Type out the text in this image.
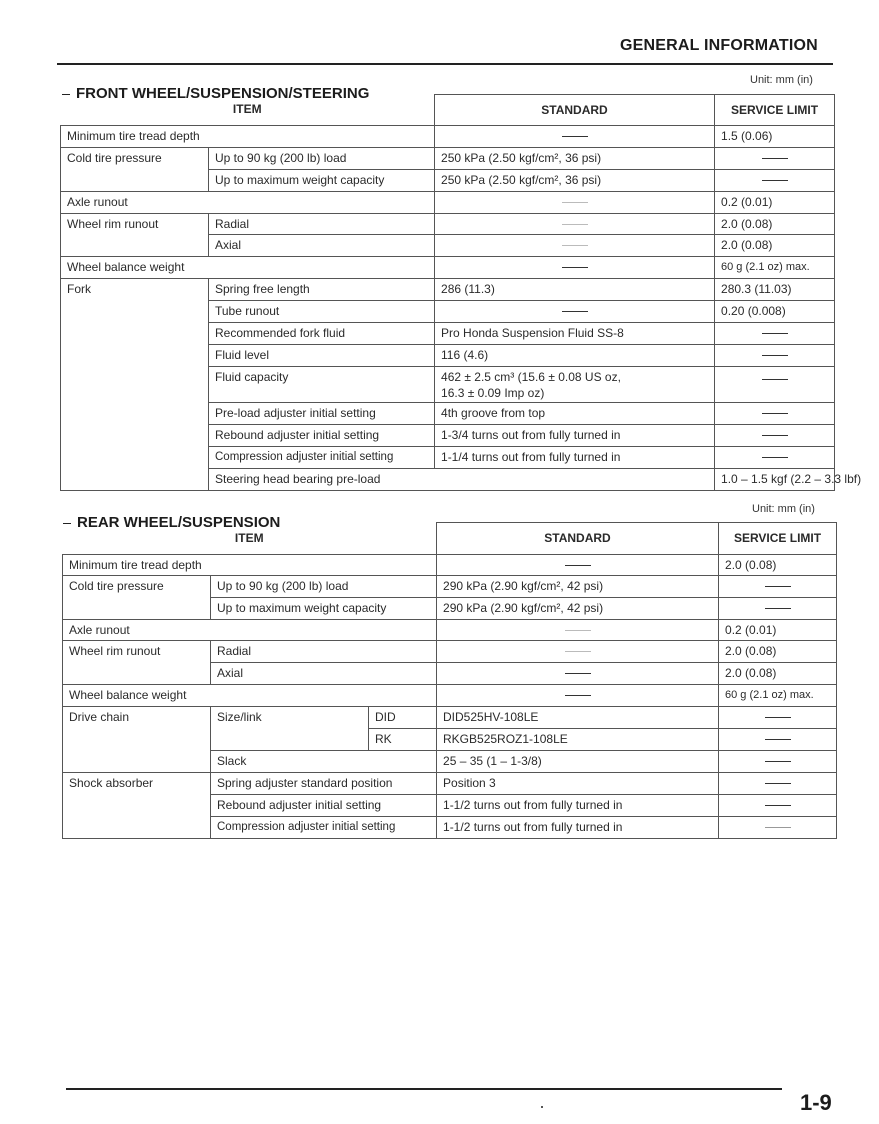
GENERAL INFORMATION
Unit: mm (in)
ITEM		STANDARD	SERVICE LIMIT	
Minimum tire tread depth			1.5 (0.06)	
Cold tire pressure	Up to 90 kg (200 lb) load	250 kPa (2.50 kgf/cm², 36 psi)		
	Up to maximum weight capacity	250 kPa (2.50 kgf/cm², 36 psi)		
Axle runout			0.2 (0.01)	
Wheel rim runout	Radial		2.0 (0.08)	
	Axial		2.0 (0.08)	
Wheel balance weight			60 g (2.1 oz) max.	
Fork	Spring free length	286 (11.3)	280.3 (11.03)	
	Tube runout		0.20 (0.008)	
	Recommended fork fluid	Pro Honda Suspension Fluid SS-8		
	Fluid level	116 (4.6)		
	Fluid capacity	462 ± 2.5 cm³ (15.6 ± 0.08 US oz,
16.3 ± 0.09 Imp oz)		

	Pre-load adjuster initial setting	4th groove from top		
	Rebound adjuster initial setting	1-3/4 turns out from fully turned in		
	Compression adjuster initial setting	1-1/4 turns out from fully turned in		
	Steering head bearing pre-load		1.0 – 1.5 kgf (2.2 – 3.3 lbf)	
FRONT WHEEL/SUSPENSION/STEERING
Unit: mm (in)
ITEM			STANDARD	SERVICE LIMIT
Minimum tire tread depth				2.0 (0.08)
Cold tire pressure	Up to 90 kg (200 lb) load		290 kPa (2.90 kgf/cm², 42 psi)	
	Up to maximum weight capacity		290 kPa (2.90 kgf/cm², 42 psi)	
Axle runout				0.2 (0.01)
Wheel rim runout	Radial			2.0 (0.08)
	Axial			2.0 (0.08)
Wheel balance weight				60 g (2.1 oz) max.
Drive chain	Size/link	DID	DID525HV-108LE	
		RK	RKGB525ROZ1-108LE	
	Slack		25 – 35 (1 – 1-3/8)	
Shock absorber	Spring adjuster standard position		Position 3	
	Rebound adjuster initial setting		1-1/2 turns out from fully turned in	
	Compression adjuster initial setting		1-1/2 turns out from fully turned in	
REAR WHEEL/SUSPENSION
1-9
